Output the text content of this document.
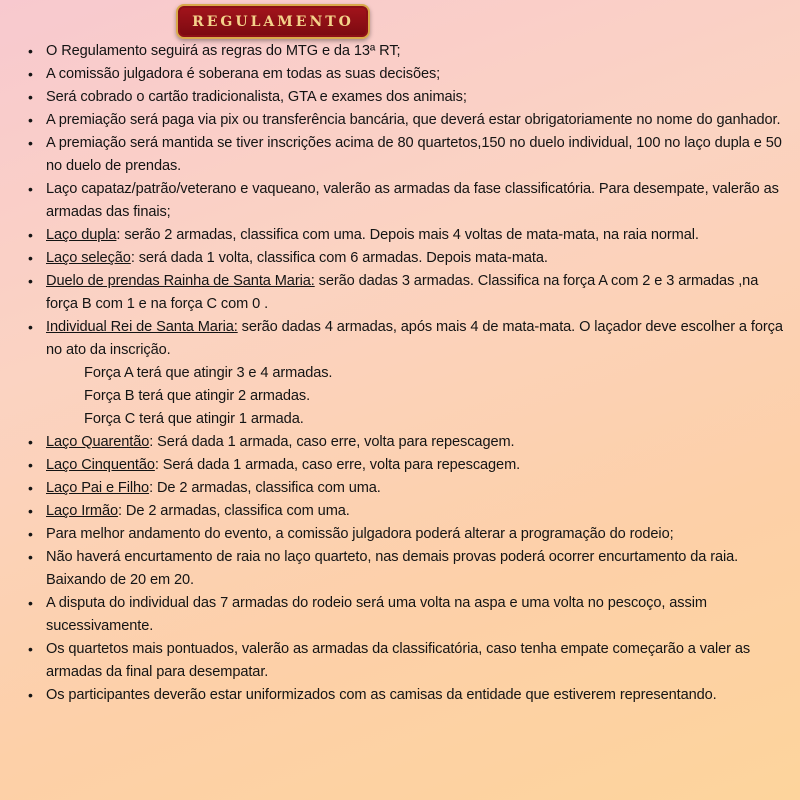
REGULAMENTO
• O Regulamento seguirá as regras do MTG e da 13ª RT;
• A comissão julgadora é soberana em todas as suas decisões;
• Será cobrado o cartão tradicionalista, GTA e exames dos animais;
• A premiação será paga via pix ou transferência bancária, que deverá estar obrigatoriamente no nome do ganhador.
• A premiação será mantida se tiver inscrições acima de 80 quartetos,150 no duelo individual, 100 no laço dupla e 50 no duelo de prendas.
• Laço capataz/patrão/veterano e vaqueano, valerão as armadas da fase classificatória. Para desempate, valerão as armadas das finais;
• Laço dupla: serão 2 armadas, classifica com uma. Depois mais 4 voltas de mata-mata, na raia normal.
• Laço seleção: será dada 1 volta, classifica com 6 armadas. Depois mata-mata.
• Duelo de prendas Rainha de Santa Maria: serão dadas 3 armadas. Classifica na força A com 2 e 3 armadas ,na força B com 1 e na força C com 0 .
• Individual Rei de Santa Maria: serão dadas 4 armadas, após mais 4 de mata-mata. O laçador deve escolher a força no ato da inscrição.
Força A terá que atingir 3 e 4 armadas.
Força B terá que atingir 2 armadas.
Força C terá que atingir 1 armada.
• Laço Quarentão: Será dada 1 armada, caso erre, volta para repescagem.
• Laço Cinquentão: Será dada 1 armada, caso erre, volta para repescagem.
• Laço Pai e Filho: De 2 armadas, classifica com uma.
• Laço Irmão: De 2 armadas, classifica com uma.
• Para melhor andamento do evento, a comissão julgadora poderá alterar a programação do rodeio;
• Não haverá encurtamento de raia no laço quarteto, nas demais provas poderá ocorrer encurtamento da raia. Baixando de 20 em 20.
• A disputa do individual das 7 armadas do rodeio será uma volta na aspa e uma volta no pescoço, assim sucessivamente.
• Os quartetos mais pontuados, valerão as armadas da classificatória, caso tenha empate começarão a valer as armadas da final para desempatar.
• Os participantes deverão estar uniformizados com as camisas da entidade que estiverem representando.
